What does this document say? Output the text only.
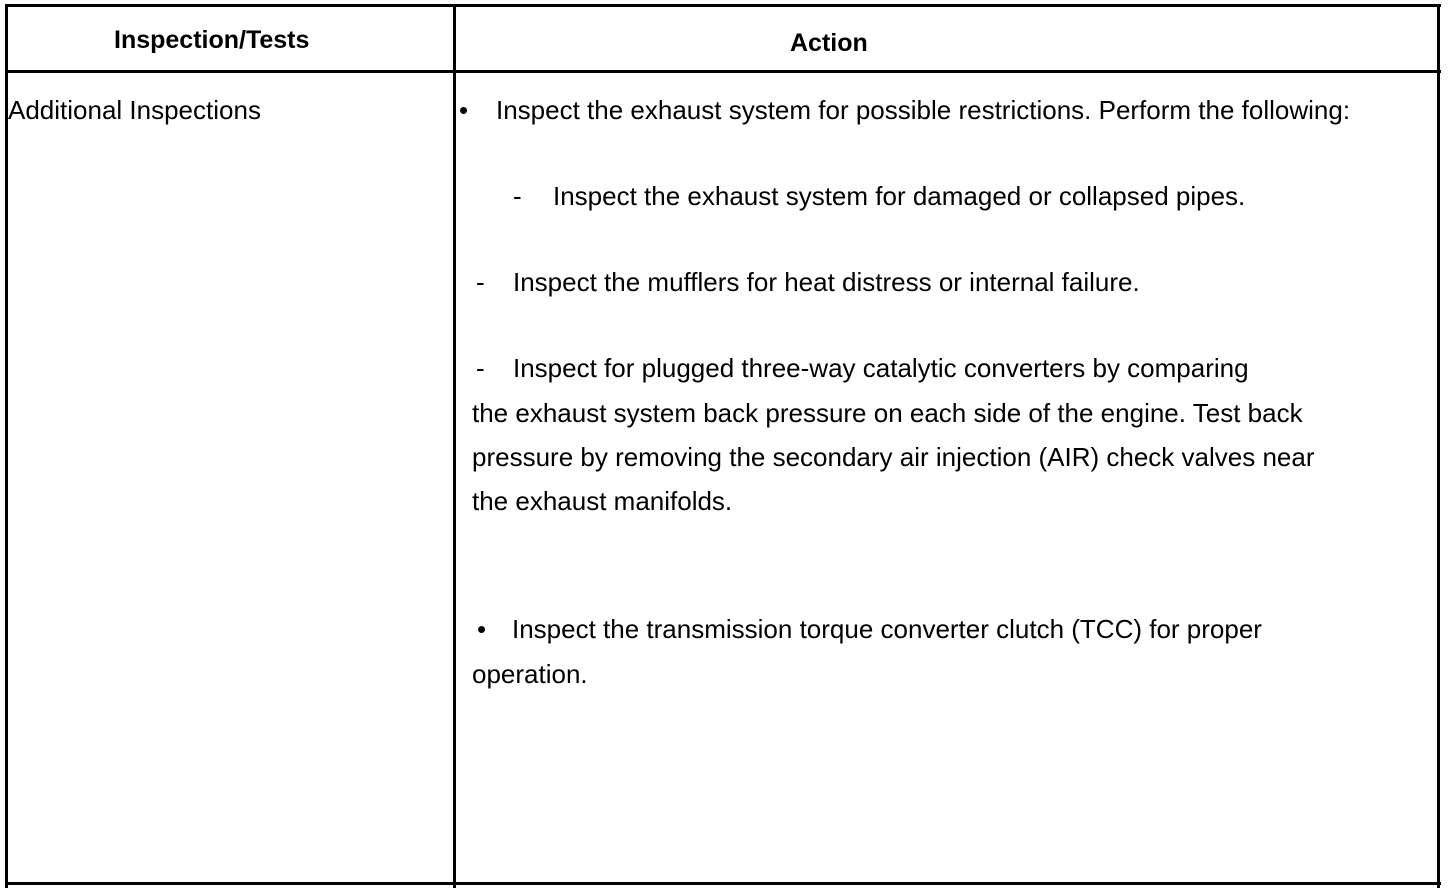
Inspection/Tests	Action
Additional Inspections	• Inspect the exhaust system for possible restrictions. Perform the following:
- Inspect the exhaust system for damaged or collapsed pipes.
- Inspect the mufflers for heat distress or internal failure.
- Inspect for plugged three-way catalytic converters by comparing
the exhaust system back pressure on each side of the engine. Test back
pressure by removing the secondary air injection (AIR) check valves near
the exhaust manifolds.
• Inspect the transmission torque converter clutch (TCC) for proper
operation.
